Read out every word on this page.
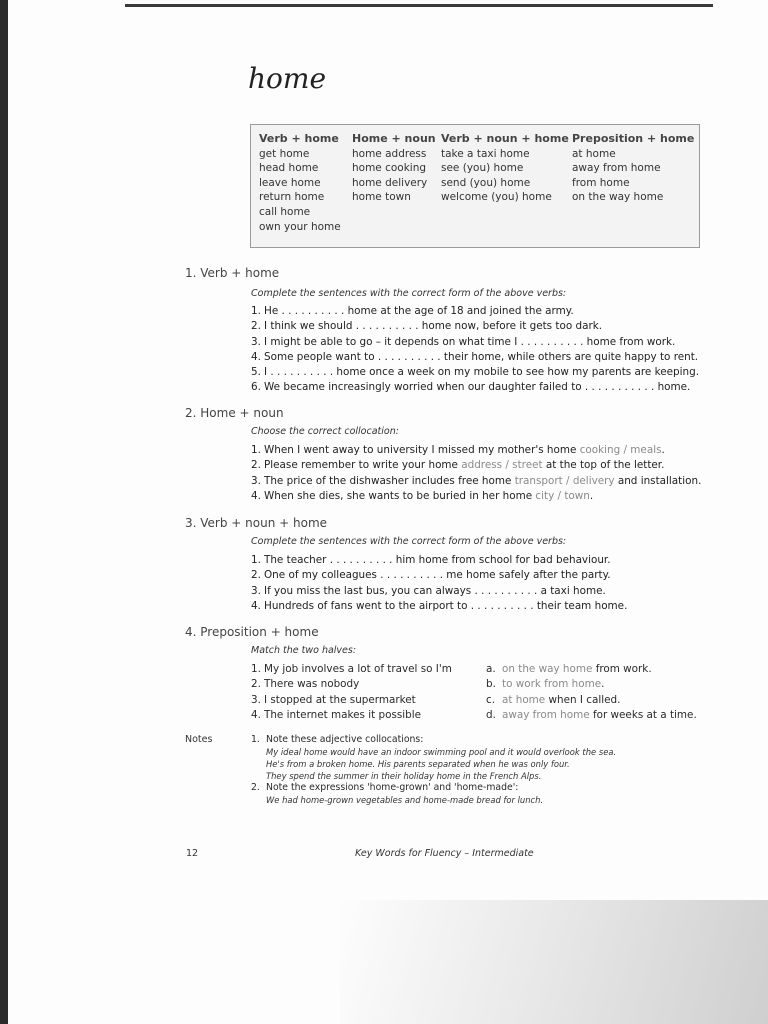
home
Verb + home
get home
head home
leave home
return home
call home
own your home
Home + noun
home address
home cooking
home delivery
home town
Verb + noun + home
take a taxi home
see (you) home
send (you) home
welcome (you) home
Preposition + home
at home
away from home
from home
on the way home
1. Verb + home
Complete the sentences with the correct form of the above verbs:
1. He . . . . . . . . . . home at the age of 18 and joined the army.
2. I think we should . . . . . . . . . . home now, before it gets too dark.
3. I might be able to go – it depends on what time I . . . . . . . . . . home from work.
4. Some people want to . . . . . . . . . . their home, while others are quite happy to rent.
5. I . . . . . . . . . . home once a week on my mobile to see how my parents are keeping.
6. We became increasingly worried when our daughter failed to . . . . . . . . . . . home.
2. Home + noun
Choose the correct collocation:
1. When I went away to university I missed my mother's home cooking / meals.
2. Please remember to write your home address / street at the top of the letter.
3. The price of the dishwasher includes free home transport / delivery and installation.
4. When she dies, she wants to be buried in her home city / town.
3. Verb + noun + home
Complete the sentences with the correct form of the above verbs:
1. The teacher . . . . . . . . . . him home from school for bad behaviour.
2. One of my colleagues . . . . . . . . . . me home safely after the party.
3. If you miss the last bus, you can always . . . . . . . . . . a taxi home.
4. Hundreds of fans went to the airport to . . . . . . . . . . their team home.
4. Preposition + home
Match the two halves:
1. My job involves a lot of travel so I'm
2. There was nobody
3. I stopped at the supermarket
4. The internet makes it possible
a. on the way home from work.
b. to work from home.
c. at home when I called.
d. away from home for weeks at a time.
Notes	1. Note these adjective collocations:
My ideal home would have an indoor swimming pool and it would overlook the sea.
He's from a broken home. His parents separated when he was only four.
They spend the summer in their holiday home in the French Alps.
2. Note the expressions 'home-grown' and 'home-made':
We had home-grown vegetables and home-made bread for lunch.
12	Key Words for Fluency – Intermediate
